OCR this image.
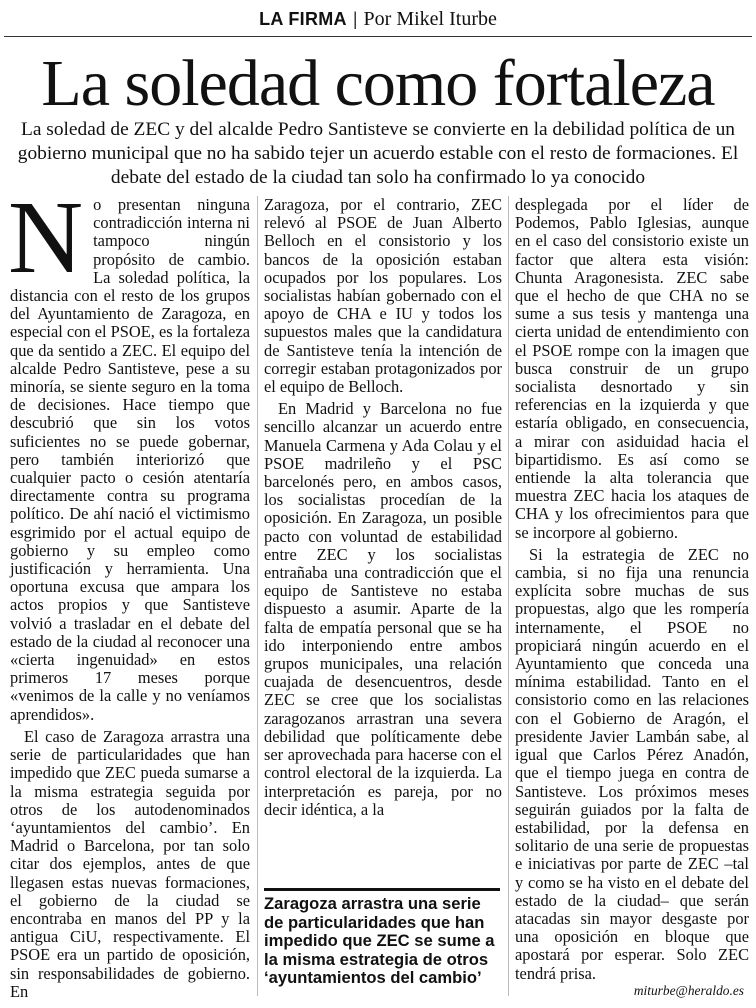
LA FIRMA | Por Mikel Iturbe
La soledad como fortaleza

La soledad de ZEC y del alcalde Pedro Santisteve se convierte en la debilidad política de un gobierno municipal que no ha sabido tejer un acuerdo estable con el resto de formaciones. El debate del estado de la ciudad tan solo ha confirmado lo ya conocido

No presentan ninguna contradicción interna ni tampoco ningún propósito de cambio. La soledad política, la distancia con el resto de los grupos del Ayuntamiento de Zaragoza, en especial con el PSOE, es la fortaleza que da sentido a ZEC. El equipo del alcalde Pedro Santisteve, pese a su minoría, se siente seguro en la toma de decisiones. Hace tiempo que descubrió que sin los votos suficientes no se puede gobernar, pero también interiorizó que cualquier pacto o cesión atentaría directamente contra su programa político. De ahí nació el victimismo esgrimido por el actual equipo de gobierno y su empleo como justificación y herramienta. Una oportuna excusa que ampara los actos propios y que Santisteve volvió a trasladar en el debate del estado de la ciudad al reconocer una «cierta ingenuidad» en estos primeros 17 meses porque «venimos de la calle y no veníamos aprendidos».

El caso de Zaragoza arrastra una serie de particularidades que han impedido que ZEC pueda sumarse a la misma estrategia seguida por otros de los autodenominados ‘ayuntamientos del cambio’. En Madrid o Barcelona, por tan solo citar dos ejemplos, antes de que llegasen estas nuevas formaciones, el gobierno de la ciudad se encontraba en manos del PP y la antigua CiU, respectivamente. El PSOE era un partido de oposición, sin responsabilidades de gobierno. En

Zaragoza, por el contrario, ZEC relevó al PSOE de Juan Alberto Belloch en el consistorio y los bancos de la oposición estaban ocupados por los populares. Los socialistas habían gobernado con el apoyo de CHA e IU y todos los supuestos males que la candidatura de Santisteve tenía la intención de corregir estaban protagonizados por el equipo de Belloch.

En Madrid y Barcelona no fue sencillo alcanzar un acuerdo entre Manuela Carmena y Ada Colau y el PSOE madrileño y el PSC barcelonés pero, en ambos casos, los socialistas procedían de la oposición. En Zaragoza, un posible pacto con voluntad de estabilidad entre ZEC y los socialistas entrañaba una contradicción que el equipo de Santisteve no estaba dispuesto a asumir. Aparte de la falta de empatía personal que se ha ido interponiendo entre ambos grupos municipales, una relación cuajada de desencuentros, desde ZEC se cree que los socialistas zaragozanos arrastran una severa debilidad que políticamente debe ser aprovechada para hacerse con el control electoral de la izquierda. La interpretación es pareja, por no decir idéntica, a la

Zaragoza arrastra una serie de particularidades que han impedido que ZEC se sume a la misma estrategia de otros ‘ayuntamientos del cambio’

desplegada por el líder de Podemos, Pablo Iglesias, aunque en el caso del consistorio existe un factor que altera esta visión: Chunta Aragonesista. ZEC sabe que el hecho de que CHA no se sume a sus tesis y mantenga una cierta unidad de entendimiento con el PSOE rompe con la imagen que busca construir de un grupo socialista desnortado y sin referencias en la izquierda y que estaría obligado, en consecuencia, a mirar con asiduidad hacia el bipartidismo. Es así como se entiende la alta tolerancia que muestra ZEC hacia los ataques de CHA y los ofrecimientos para que se incorpore al gobierno.

Si la estrategia de ZEC no cambia, si no fija una renuncia explícita sobre muchas de sus propuestas, algo que les rompería internamente, el PSOE no propiciará ningún acuerdo en el Ayuntamiento que conceda una mínima estabilidad. Tanto en el consistorio como en las relaciones con el Gobierno de Aragón, el presidente Javier Lambán sabe, al igual que Carlos Pérez Anadón, que el tiempo juega en contra de Santisteve. Los próximos meses seguirán guiados por la falta de estabilidad, por la defensa en solitario de una serie de propuestas e iniciativas por parte de ZEC –tal y como se ha visto en el debate del estado de la ciudad– que serán atacadas sin mayor desgaste por una oposición en bloque que apostará por esperar. Solo ZEC tendrá prisa.

miturbe@heraldo.es
